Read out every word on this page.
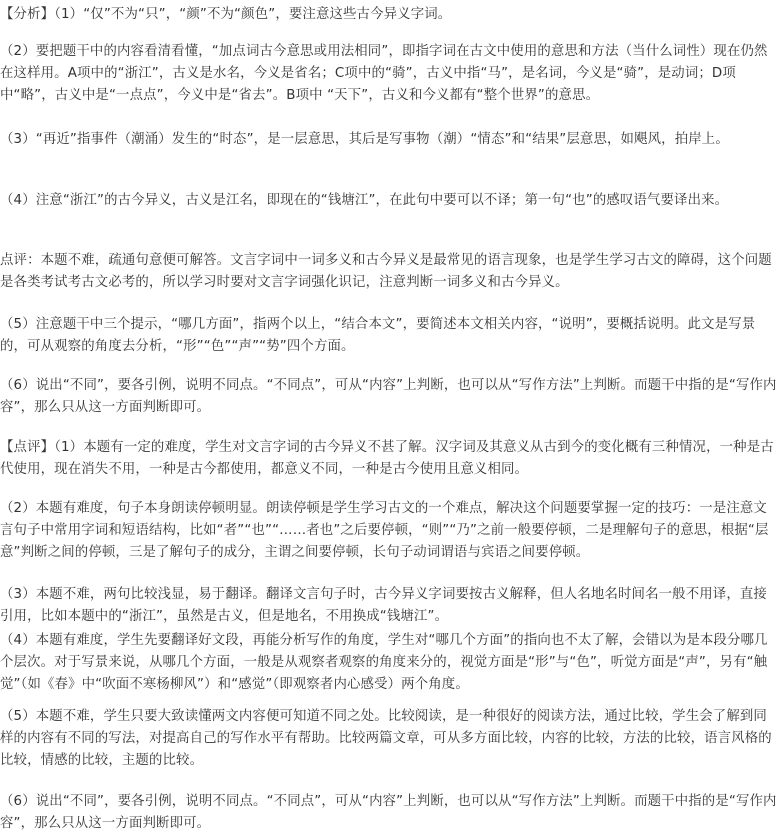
【分析】（1）“仅”不为“只”，“颜”不为“颜色”，要注意这些古今异义字词。

（2）要把题干中的内容看清看懂，“加点词古今意思或用法相同”，即指字词在古文中使用的意思和方法（当什么词性）现在仍然在这样用。A项中的“浙江”，古义是水名，今义是省名；C项中的“骑”，古义中指“马”，是名词，今义是“骑”，是动词；D项中“略”，古义中是“一点点”，今义中是“省去”。B项中 “天下”，古义和今义都有“整个世界”的意思。

（3）“再近”指事件（潮涌）发生的“时态”，是一层意思，其后是写事物（潮）“情态”和“结果”层意思，如飓风，拍岸上。

（4）注意“浙江”的古今异义，古义是江名，即现在的“钱塘江”，在此句中要可以不译；第一句“也”的感叹语气要译出来。

点评：本题不难，疏通句意便可解答。文言字词中一词多义和古今异义是最常见的语言现象，也是学生学习古文的障碍，这个问题是各类考试考古文必考的，所以学习时要对文言字词强化识记，注意判断一词多义和古今异义。

（5）注意题干中三个提示，“哪几方面”，指两个以上，“结合本文”，要简述本文相关内容，“说明”，要概括说明。此文是写景的，可从观察的角度去分析，“形”“色”“声”“势”四个方面。

（6）说出“不同”，要各引例，说明不同点。“不同点”，可从“内容”上判断，也可以从“写作方法”上判断。而题干中指的是“写作内容”，那么只从这一方面判断即可。

【点评】（1）本题有一定的难度，学生对文言字词的古今异义不甚了解。汉字词及其意义从古到今的变化概有三种情况，一种是古代使用，现在消失不用，一种是古今都使用，都意义不同，一种是古今使用且意义相同。

（2）本题有难度，句子本身朗读停顿明显。朗读停顿是学生学习古文的一个难点，解决这个问题要掌握一定的技巧：一是注意文言句子中常用字词和短语结构，比如“者”“也”“……者也”之后要停顿，“则”“乃”之前一般要停顿，二是理解句子的意思，根据“层意”判断之间的停顿，三是了解句子的成分，主谓之间要停顿，长句子动词谓语与宾语之间要停顿。

（3）本题不难，两句比较浅显，易于翻译。翻译文言句子时，古今异义字词要按古义解释，但人名地名时间名一般不用译，直接引用，比如本题中的“浙江”，虽然是古义，但是地名，不用换成“钱塘江”。

（4）本题有难度，学生先要翻译好文段，再能分析写作的角度，学生对“哪几个方面”的指向也不太了解，会错以为是本段分哪几个层次。对于写景来说，从哪几个方面，一般是从观察者观察的角度来分的，视觉方面是“形”与“色”，听觉方面是“声”，另有“触觉”（如《春》中“吹面不寒杨柳风”）和“感觉”（即观察者内心感受）两个角度。

（5）本题不难，学生只要大致读懂两文内容便可知道不同之处。比较阅读，是一种很好的阅读方法，通过比较，学生会了解到同样的内容有不同的写法，对提高自己的写作水平有帮助。比较两篇文章，可从多方面比较，内容的比较，方法的比较，语言风格的比较，情感的比较，主题的比较。

（6）说出“不同”，要各引例，说明不同点。“不同点”，可从“内容”上判断，也可以从“写作方法”上判断。而题干中指的是“写作内容”，那么只从这一方面判断即可。
